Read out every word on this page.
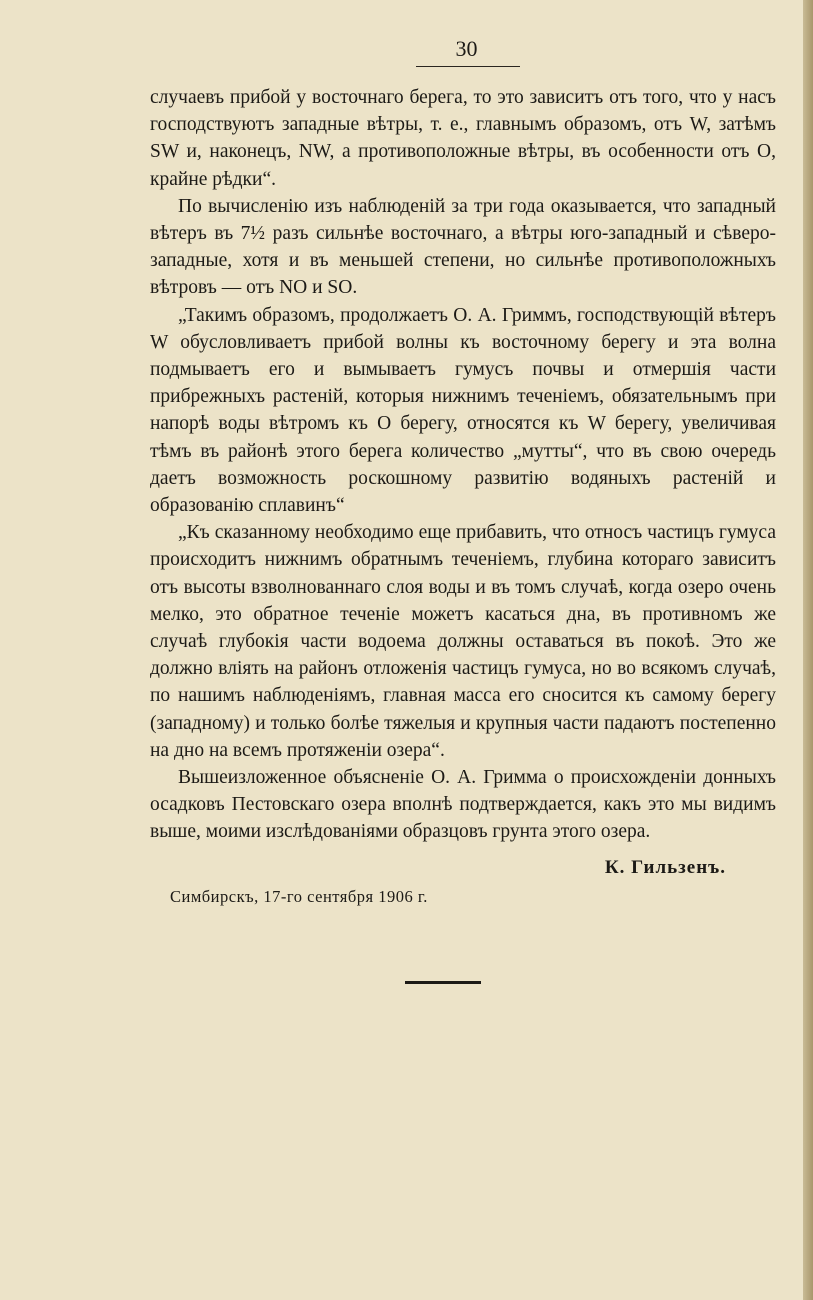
30

случаевъ прибой у восточнаго берега, то это зависитъ отъ того, что у насъ господствуютъ западные вѣтры, т. е., главнымъ образомъ, отъ W, затѣмъ SW и, наконецъ, NW, а противоположные вѣтры, въ особенности отъ О, крайне рѣдки“.

По вычисленiю изъ наблюденiй за три года оказывается, что западный вѣтеръ въ 7½ разъ сильнѣе восточнаго, а вѣтры юго-западный и сѣверо-западные, хотя и въ меньшей степени, но сильнѣе противоположныхъ вѣтровъ — отъ NO и SO.

„Такимъ образомъ, продолжаетъ О. А. Гриммъ, господствующiй вѣтеръ W обусловливаетъ прибой волны къ восточному берегу и эта волна подмываетъ его и вымываетъ гумусъ почвы и отмершiя части прибрежныхъ растенiй, которыя нижнимъ теченiемъ, обязательнымъ при напорѣ воды вѣтромъ къ О берегу, относятся къ W берегу, увеличивая тѣмъ въ районѣ этого берега количество „мутты“, что въ свою очередь даетъ возможность роскошному развитiю водяныхъ растенiй и образованiю сплавинъ“

„Къ сказанному необходимо еще прибавить, что относъ частицъ гумуса происходитъ нижнимъ обратнымъ теченiемъ, глубина котораго зависитъ отъ высоты взволнованнаго слоя воды и въ томъ случаѣ, когда озеро очень мелко, это обратное теченiе можетъ касаться дна, въ противномъ же случаѣ глубокiя части водоема должны оставаться въ покоѣ. Это же должно влiять на районъ отложенiя частицъ гумуса, но во всякомъ случаѣ, по нашимъ наблюденiямъ, главная масса его сносится къ самому берегу (западному) и только болѣе тяжелыя и крупныя части падаютъ постепенно на дно на всемъ протяженiи озера“.

Вышеизложенное объясненiе О. А. Гримма о происхожденiи донныхъ осадковъ Пестовскаго озера вполнѣ подтверждается, какъ это мы видимъ выше, моими изслѣдованiями образцовъ грунта этого озера.

К. Гильзенъ.
Симбирскъ, 17-го сентября 1906 г.
